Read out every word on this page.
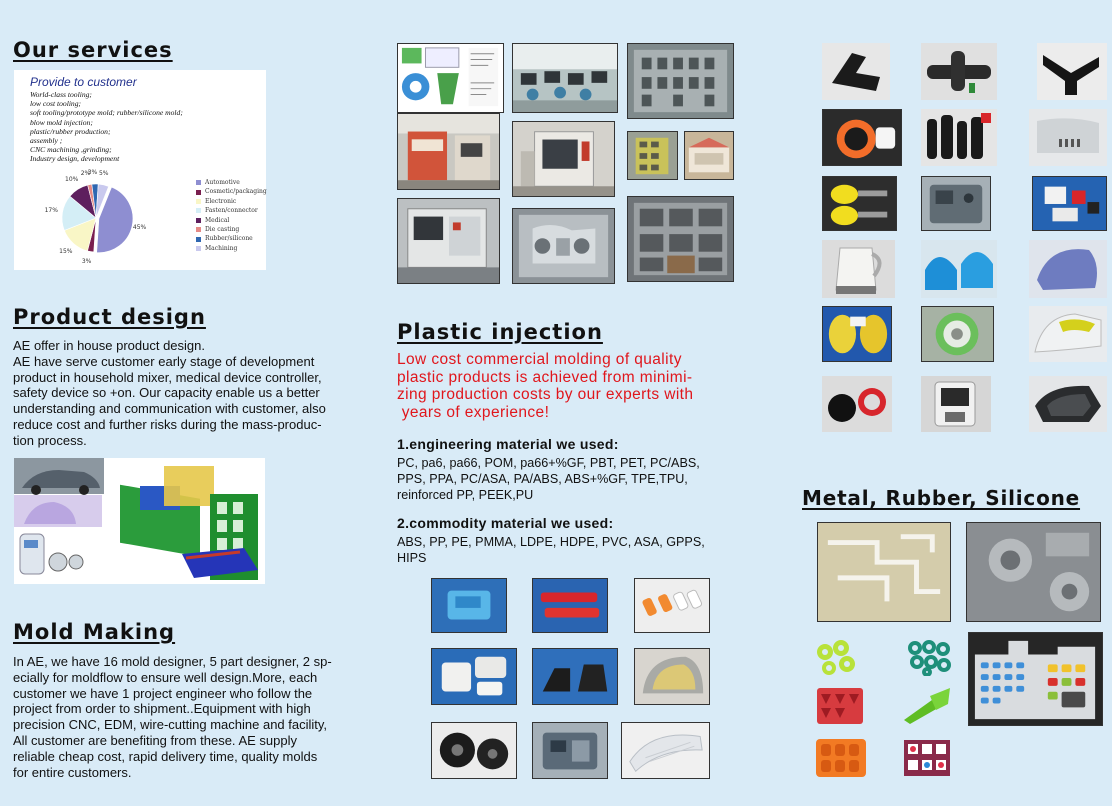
Our services
Provide to customer
World-class tooling;
low cost tooling;
soft tooling/prototype mold; rubber/silicone mold;
blow mold injection;
plastic/rubber production;
assembly ;
CNC machining ,grinding;
Industry design, development
45%
3%
15%
17%
10%
2%
3% 5%
Automotive
Cosmetic/packaging
Electronic
Fasten/connector
Medical
Die casting
Rubber/silicone
Machining
Product design

AE offer in house product design.

AE have serve customer early stage of development

product in household mixer, medical device controller,

safety device so +on. Our capacity enable us a better

understanding and communication with customer, also

reduce cost and further risks during the mass-produc-

tion process.

Mold Making

In AE, we have 16 mold designer, 5 part designer, 2 sp-

ecially for moldflow to ensure well design.More, each

customer we have 1 project engineer who follow the

project from order to shipment..Equipment with high

precision CNC, EDM, wire-cutting machine and facility,

All customer are benefiting from these. AE supply

reliable cheap cost, rapid delivery time, quality molds

for entire customers.

Plastic injection

Low cost commercial molding of quality

plastic products is achieved from minimi-

zing production costs by our experts with

years of experience!

1.engineering material we used:

PC, pa6, pa66, POM, pa66+%GF, PBT, PET, PC/ABS,

PPS, PPA, PC/ASA, PA/ABS, ABS+%GF, TPE,TPU,

reinforced PP, PEEK,PU

2.commodity material we used:

ABS, PP, PE, PMMA, LDPE, HDPE, PVC, ASA, GPPS,

HIPS

Metal, Rubber, Silicone
